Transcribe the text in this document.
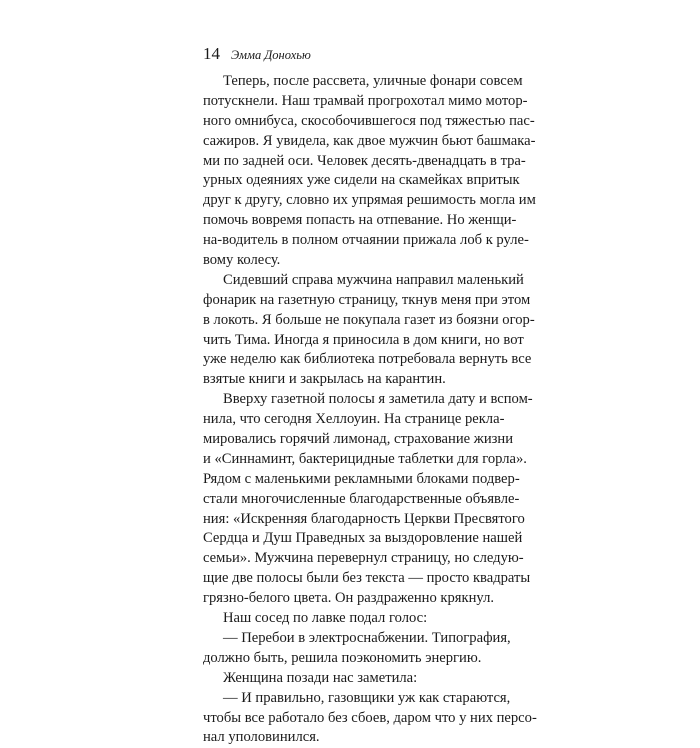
14 Эмма Донохью
Теперь, после рассвета, уличные фонари совсем
потускнели. Наш трамвай прогрохотал мимо мотор-
ного омнибуса, скособочившегося под тяжестью пас-
сажиров. Я увидела, как двое мужчин бьют башмака-
ми по задней оси. Человек десять-двенадцать в тра-
урных одеяниях уже сидели на скамейках впритык
друг к другу, словно их упрямая решимость могла им
помочь вовремя попасть на отпевание. Но женщи-
на-водитель в полном отчаянии прижала лоб к руле-
вому колесу.
Сидевший справа мужчина направил маленький
фонарик на газетную страницу, ткнув меня при этом
в локоть. Я больше не покупала газет из боязни огор-
чить Тима. Иногда я приносила в дом книги, но вот
уже неделю как библиотека потребовала вернуть все
взятые книги и закрылась на карантин.
Вверху газетной полосы я заметила дату и вспом-
нила, что сегодня Хеллоуин. На странице рекла-
мировались горячий лимонад, страхование жизни
и «Синнаминт, бактерицидные таблетки для горла».
Рядом с маленькими рекламными блоками подвер-
стали многочисленные благодарственные объявле-
ния: «Искренняя благодарность Церкви Пресвятого
Сердца и Душ Праведных за выздоровление нашей
семьи». Мужчина перевернул страницу, но следую-
щие две полосы были без текста — просто квадраты
грязно-белого цвета. Он раздраженно крякнул.
Наш сосед по лавке подал голос:
— Перебои в электроснабжении. Типография,
должно быть, решила поэкономить энергию.
Женщина позади нас заметила:
— И правильно, газовщики уж как стараются,
чтобы все работало без сбоев, даром что у них персо-
нал уполовинился.
